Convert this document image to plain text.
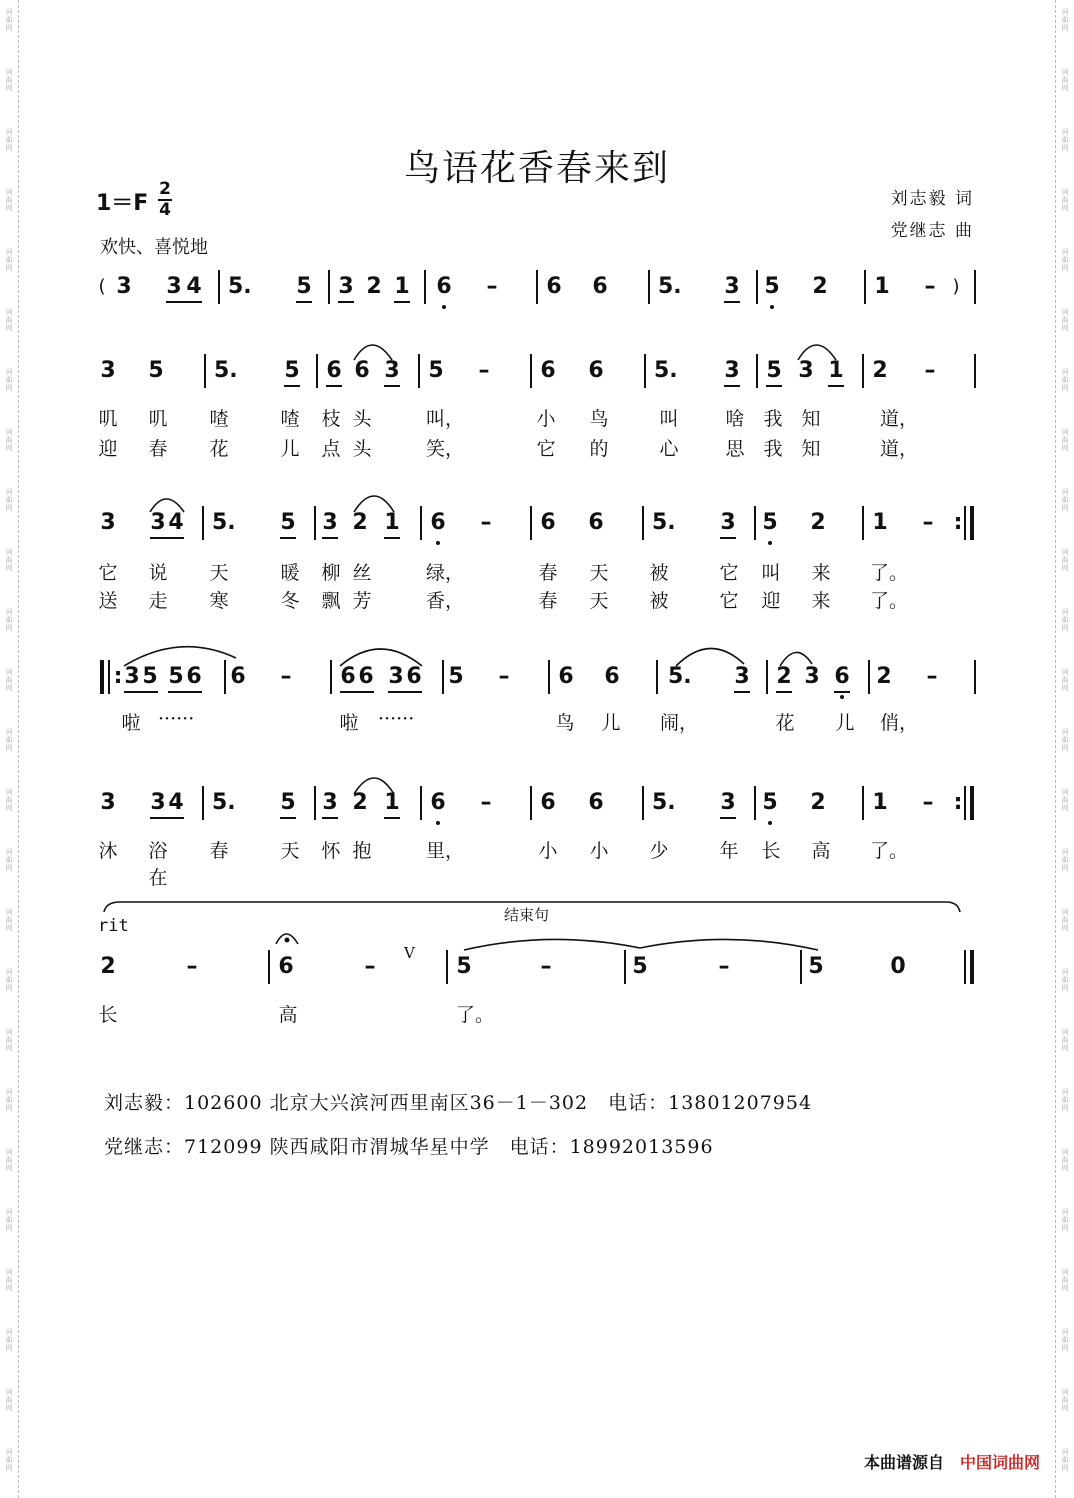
词
曲
网
词
曲
网
词
曲
网
词
曲
网
词
曲
网
词
曲
网
词
曲
网
词
曲
网
词
曲
网
词
曲
网
词
曲
网
词
曲
网
词
曲
网
词
曲
网
词
曲
网
词
曲
网
词
曲
网
词
曲
网
词
曲
网
词
曲
网
词
曲
网
词
曲
网
词
曲
网
词
曲
网
词
曲
网
词
曲
网
词
曲
网
词
曲
网
词
曲
网
词
曲
网
词
曲
网
词
曲
网
词
曲
网
词
曲
网
词
曲
网
词
曲
网
词
曲
网
词
曲
网
词
曲
网
词
曲
网
词
曲
网
词
曲
网
词
曲
网
词
曲
网
词
曲
网
词
曲
网
词
曲
网
词
曲
网
词
曲
网
词
曲
网
鸟语花香春来到
$1=F \frac{2}{4}$
欢快、喜悦地
刘志毅 词
党继志 曲
( 3 3 4 5. 5 3 2 1 6 – 6 6 5. 3 5 2 1 – )
3 5 5. 5 6 6 3 5 – 6 6 5. 3 5 3 1 2 –
3 3 4 5. 5 3 2 1 6 – 6 6 5. 3 5 2 1 – :
: 3 5 5 6 6 – 6 6 3 6 5 – 6 6 5. 3 2 3 6 2 –
3 3 4 5. 5 3 2 1 6 – 6 6 5. 3 5 2 1 – :
rit
结束句
V
2	–	6	–	5	–	5	–	5	0
叽 叽 喳	喳 枝 头	叫，	小 鸟	叫 啥 我 知	道，
迎 春 花	儿 点 头	笑，	它 的	心 思 我 知	道，
它 说 天	暖 柳 丝	绿，	春 天 被	它 叫 来 了。
送 走 寒	冬 飘 芳	香，	春 天 被	它 迎 来 了。
啦 ······	啦 ······	鸟 儿 闹，	花 儿 俏，
沐 浴在
春	天 怀 抱	里，	小 小 少	年 长 高 了。
长	高	了。
刘志毅：102600 北京大兴滨河西里南区36－1－302　电话：13801207954
党继志：712099 陕西咸阳市渭城华星中学　电话：18992013596
本曲谱源自 中国词曲网
